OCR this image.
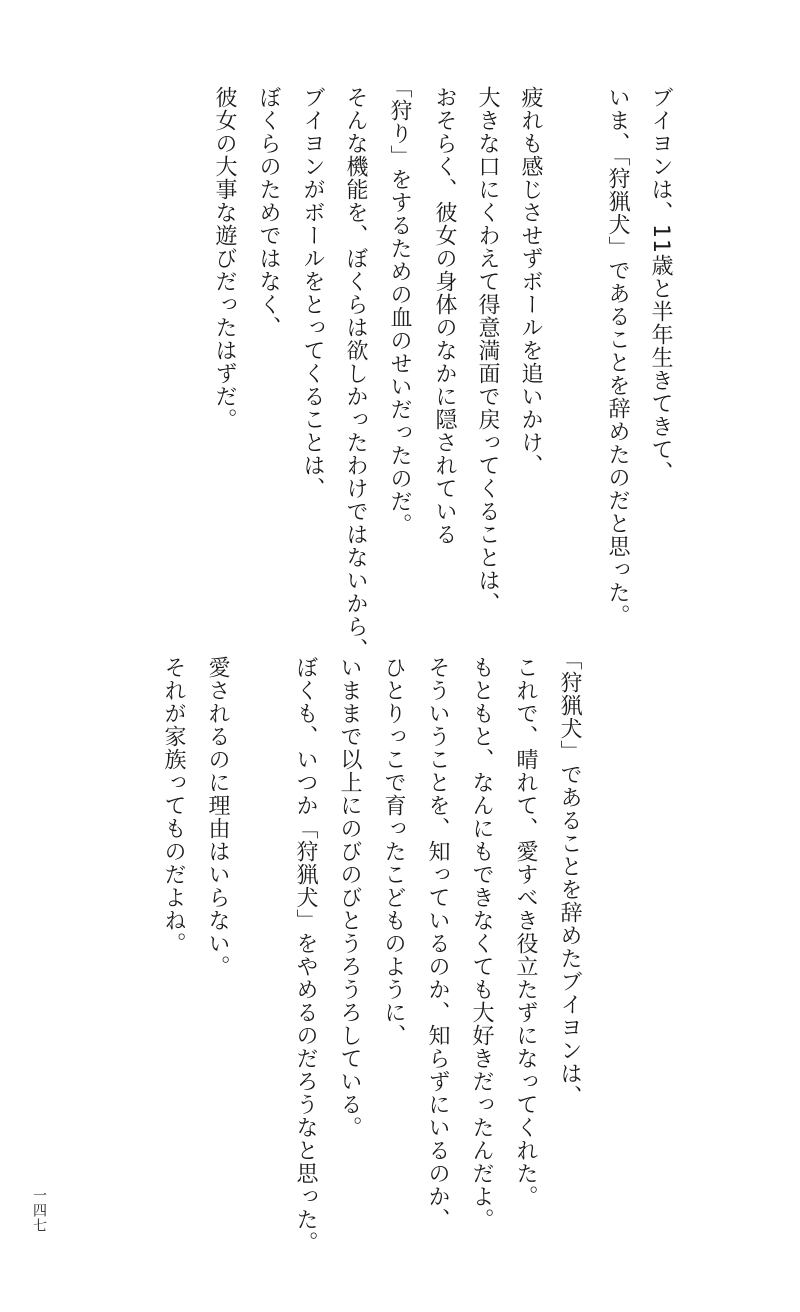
ブイヨンは、11歳と半年生きてきて、

いま、「狩猟犬」であることを辞めたのだと思った。

疲れも感じさせずボールを追いかけ、

大きな口にくわえて得意満面で戻ってくることは、

おそらく、彼女の身体のなかに隠されている

「狩り」をするための血のせいだったのだ。

そんな機能を、ぼくらは欲しかったわけではないから、

ブイヨンがボールをとってくることは、

ぼくらのためではなく、

彼女の大事な遊びだったはずだ。

「狩猟犬」であることを辞めたブイヨンは、

これで、晴れて、愛すべき役立たずになってくれた。

もともと、なんにもできなくても大好きだったんだよ。

そういうことを、知っているのか、知らずにいるのか、

ひとりっこで育ったこどものように、

いままで以上にのびのびとうろうろしている。

ぼくも、いつか「狩猟犬」をやめるのだろうなと思った。

愛されるのに理由はいらない。

それが家族ってものだよね。

一四七
